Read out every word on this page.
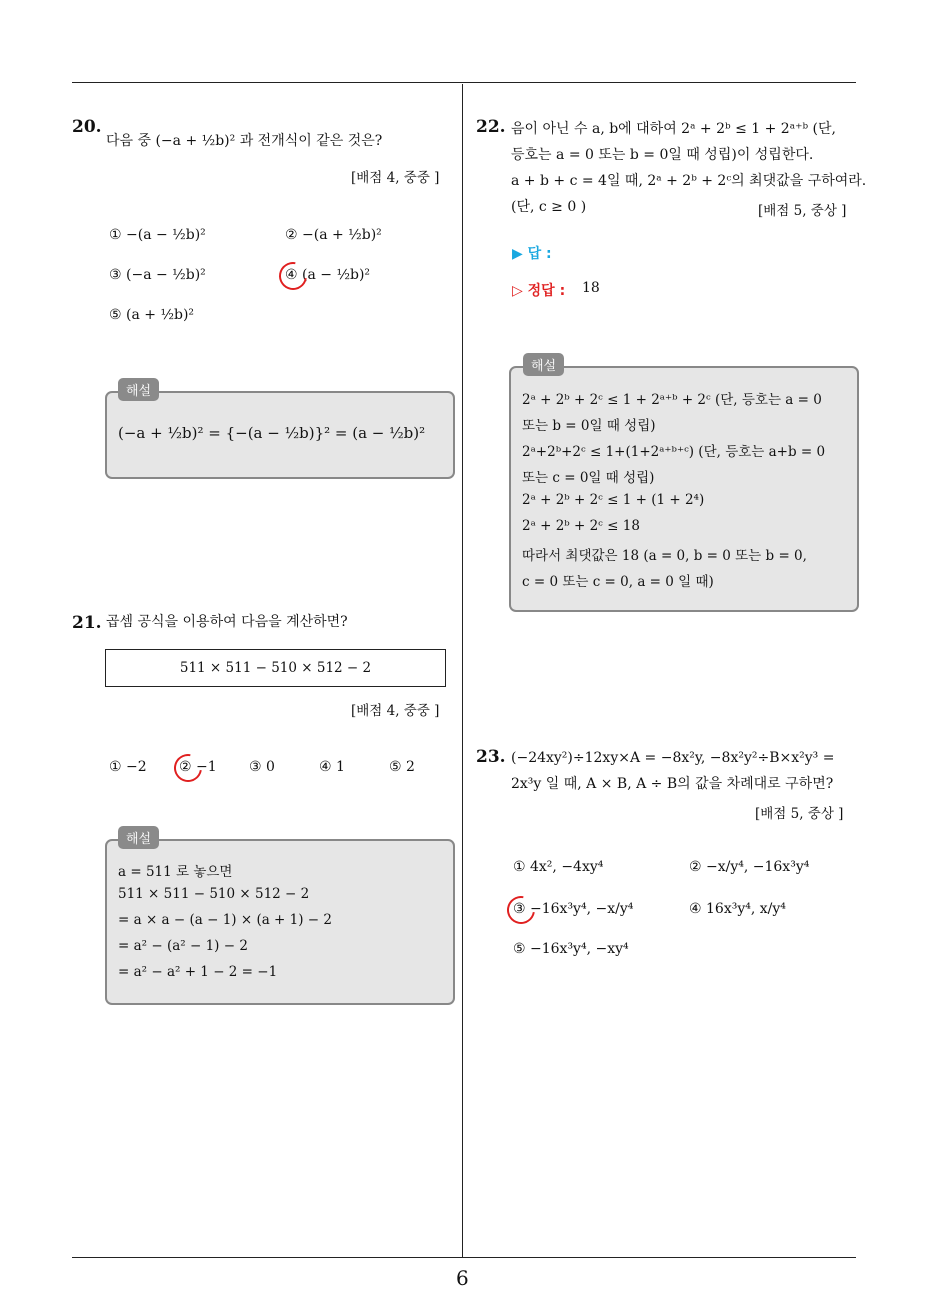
6
20.
다음 중 (−a + ½b)² 과 전개식이 같은 것은?
[배점 4, 중중 ]
① −(a − ½b)²	② −(a + ½b)²
③ (−a − ½b)²	④ (a − ½b)²
⑤ (a + ½b)²
해설
(−a + ½b)² = {−(a − ½b)}² = (a − ½b)²
21. 곱셈 공식을 이용하여 다음을 계산하면?
511 × 511 − 510 × 512 − 2
[배점 4, 중중 ]
① −2 ② −1 ③ 0	④ 1	⑤ 2
해설
a = 511 로 놓으면
511 × 511 − 510 × 512 − 2
= a × a − (a − 1) × (a + 1) − 2
= a² − (a² − 1) − 2
= a² − a² + 1 − 2 = −1
22. 음이 아닌 수 a, b에 대하여 2ᵃ + 2ᵇ ≤ 1 + 2ᵃ⁺ᵇ (단,
등호는 a = 0 또는 b = 0일 때 성립)이 성립한다.
a + b + c = 4일 때, 2ᵃ + 2ᵇ + 2ᶜ의 최댓값을 구하여라.
(단, c ≥ 0 )	[배점 5, 중상 ]
▶ 답 :
▷ 정답 : 18
해설
2ᵃ + 2ᵇ + 2ᶜ ≤ 1 + 2ᵃ⁺ᵇ + 2ᶜ (단, 등호는 a = 0
또는 b = 0일 때 성립)
2ᵃ+2ᵇ+2ᶜ ≤ 1+(1+2ᵃ⁺ᵇ⁺ᶜ) (단, 등호는 a+b = 0
또는 c = 0일 때 성립)
2ᵃ + 2ᵇ + 2ᶜ ≤ 1 + (1 + 2⁴)
2ᵃ + 2ᵇ + 2ᶜ ≤ 18
따라서 최댓값은 18 (a = 0, b = 0 또는 b = 0,
c = 0 또는 c = 0, a = 0 일 때)
23. (−24xy²)÷12xy×A = −8x²y, −8x²y²÷B×x²y³ =
2x³y 일 때, A × B, A ÷ B의 값을 차례대로 구하면?
[배점 5, 중상 ]
① 4x², −4xy⁴	② −x/y⁴, −16x³y⁴
③ −16x³y⁴, −x/y⁴	④ 16x³y⁴, x/y⁴
⑤ −16x³y⁴, −xy⁴
